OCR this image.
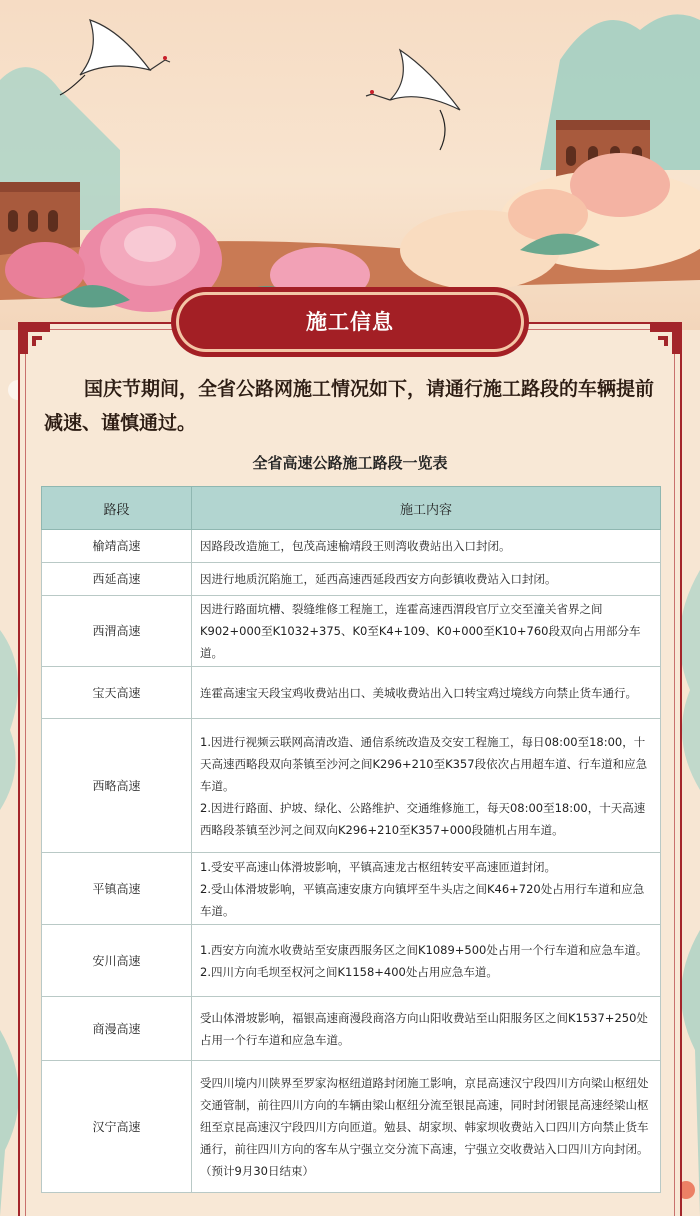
施工信息
国庆节期间，全省公路网施工情况如下，请通行施工路段的车辆提前减速、谨慎通过。
全省高速公路施工路段一览表
路段	施工内容
榆靖高速	因路段改造施工，包茂高速榆靖段王则湾收费站出入口封闭。

西延高速	因进行地质沉陷施工，延西高速西延段西安方向彭镇收费站入口封闭。

西渭高速	因进行路面坑槽、裂缝维修工程施工，连霍高速西渭段官厅立交至潼关省界之间K902+000至K1032+375、K0至K4+109、K0+000至K10+760段双向占用部分车道。

宝天高速	连霍高速宝天段宝鸡收费站出口、美城收费站出入口转宝鸡过境线方向禁止货车通行。

西略高速	1.因进行视频云联网高清改造、通信系统改造及交安工程施工，每日08:00至18:00，十天高速西略段双向茶镇至沙河之间K296+210至K357段依次占用超车道、行车道和应急车道。
2.因进行路面、护坡、绿化、公路维护、交通维修施工，每天08:00至18:00，十天高速西略段茶镇至沙河之间双向K296+210至K357+000段随机占用车道。

平镇高速	1.受安平高速山体滑坡影响，平镇高速龙古枢纽转安平高速匝道封闭。
2.受山体滑坡影响，平镇高速安康方向镇坪至牛头店之间K46+720处占用行车道和应急车道。

安川高速	1.西安方向流水收费站至安康西服务区之间K1089+500处占用一个行车道和应急车道。
2.四川方向毛坝至权河之间K1158+400处占用应急车道。

商漫高速	受山体滑坡影响，福银高速商漫段商洛方向山阳收费站至山阳服务区之间K1537+250处占用一个行车道和应急车道。

汉宁高速	受四川境内川陕界至罗家沟枢纽道路封闭施工影响，京昆高速汉宁段四川方向梁山枢纽处交通管制，前往四川方向的车辆由梁山枢纽分流至银昆高速，同时封闭银昆高速经梁山枢纽至京昆高速汉宁段四川方向匝道。勉县、胡家坝、韩家坝收费站入口四川方向禁止货车通行，前往四川方向的客车从宁强立交分流下高速，宁强立交收费站入口四川方向封闭。（预计9月30日结束）
